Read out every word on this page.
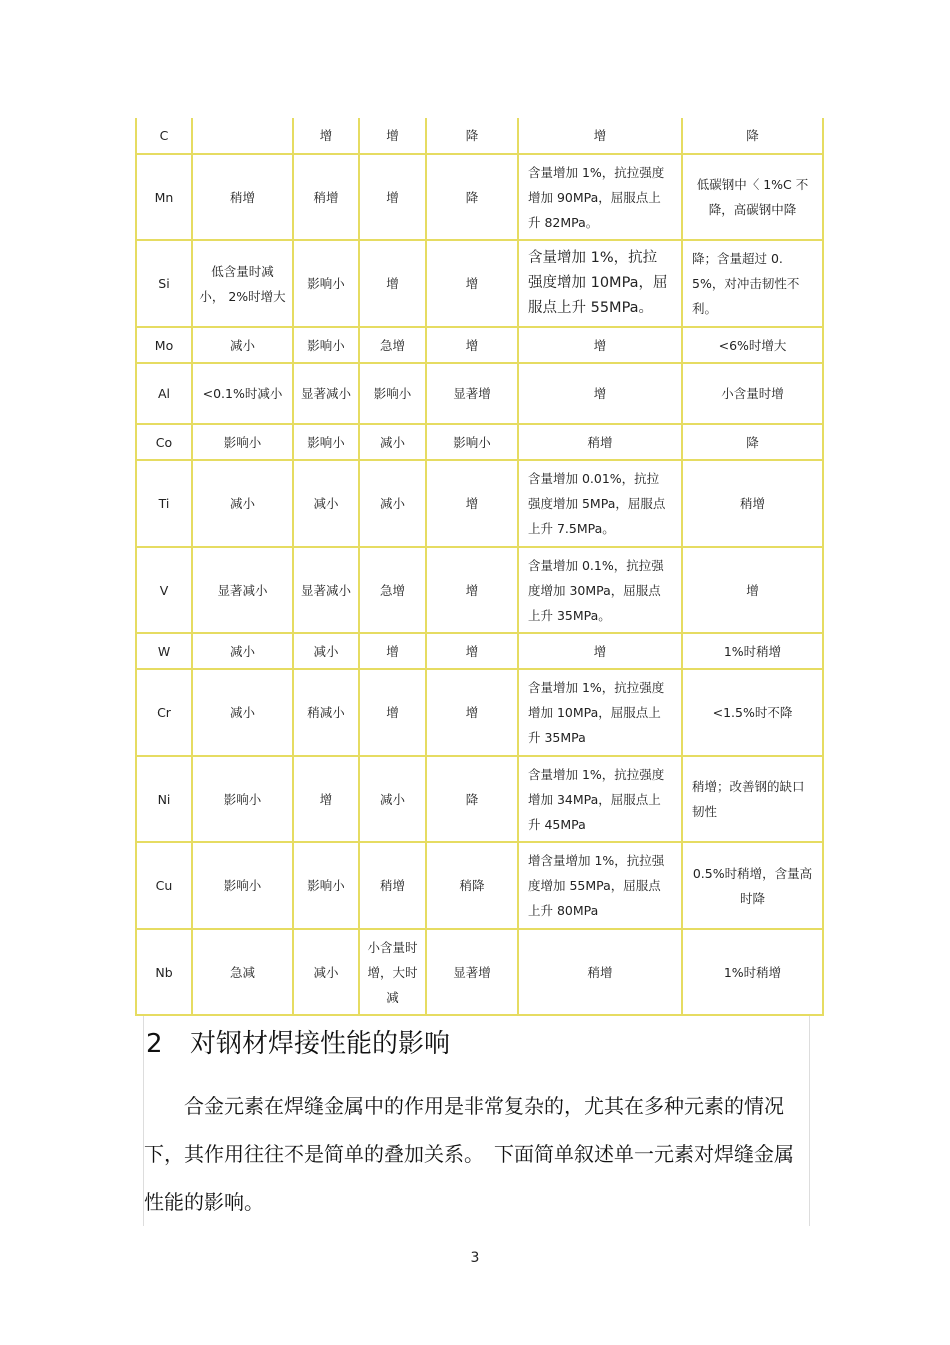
C		增	增	降	增	降
Mn	稍增	稍增	增	降	含量增加 1%，抗拉强度增加 90MPa，屈服点上升 82MPa。	低碳钢中〈 1%C 不降，高碳钢中降
Si	低含量时减小， 2%时增大	影响小	增	增	含量增加 1%，抗拉强度增加 10MPa，屈服点上升 55MPa。	降；含量超过 0.5%，对冲击韧性不利。
Mo	减小	影响小	急增	增	增	<6%时增大
Al	<0.1%时减小	显著减小	影响小	显著增	增	小含量时增
Co	影响小	影响小	减小	影响小	稍增	降
Ti	减小	减小	减小	增	含量增加 0.01%，抗拉强度增加 5MPa，屈服点上升 7.5MPa。	稍增
V	显著减小	显著减小	急增	增	含量增加 0.1%，抗拉强度增加 30MPa，屈服点上升 35MPa。	增
W	减小	减小	增	增	增	1%时稍增
Cr	减小	稍减小	增	增	含量增加 1%，抗拉强度增加 10MPa，屈服点上升 35MPa	<1.5%时不降
Ni	影响小	增	减小	降	含量增加 1%，抗拉强度增加 34MPa，屈服点上升 45MPa	稍增；改善钢的缺口韧性
Cu	影响小	影响小	稍增	稍降	增含量增加 1%，抗拉强度增加 55MPa，屈服点上升 80MPa	0.5%时稍增，含量高时降
Nb	急减	减小	小含量时增，大时减	显著增	稍增	1%时稍增
2 对钢材焊接性能的影响
合金元素在焊缝金属中的作用是非常复杂的，尤其在多种元素的情况下，其作用往往不是简单的叠加关系。　下面简单叙述单一元素对焊缝金属性能的影响。
3
